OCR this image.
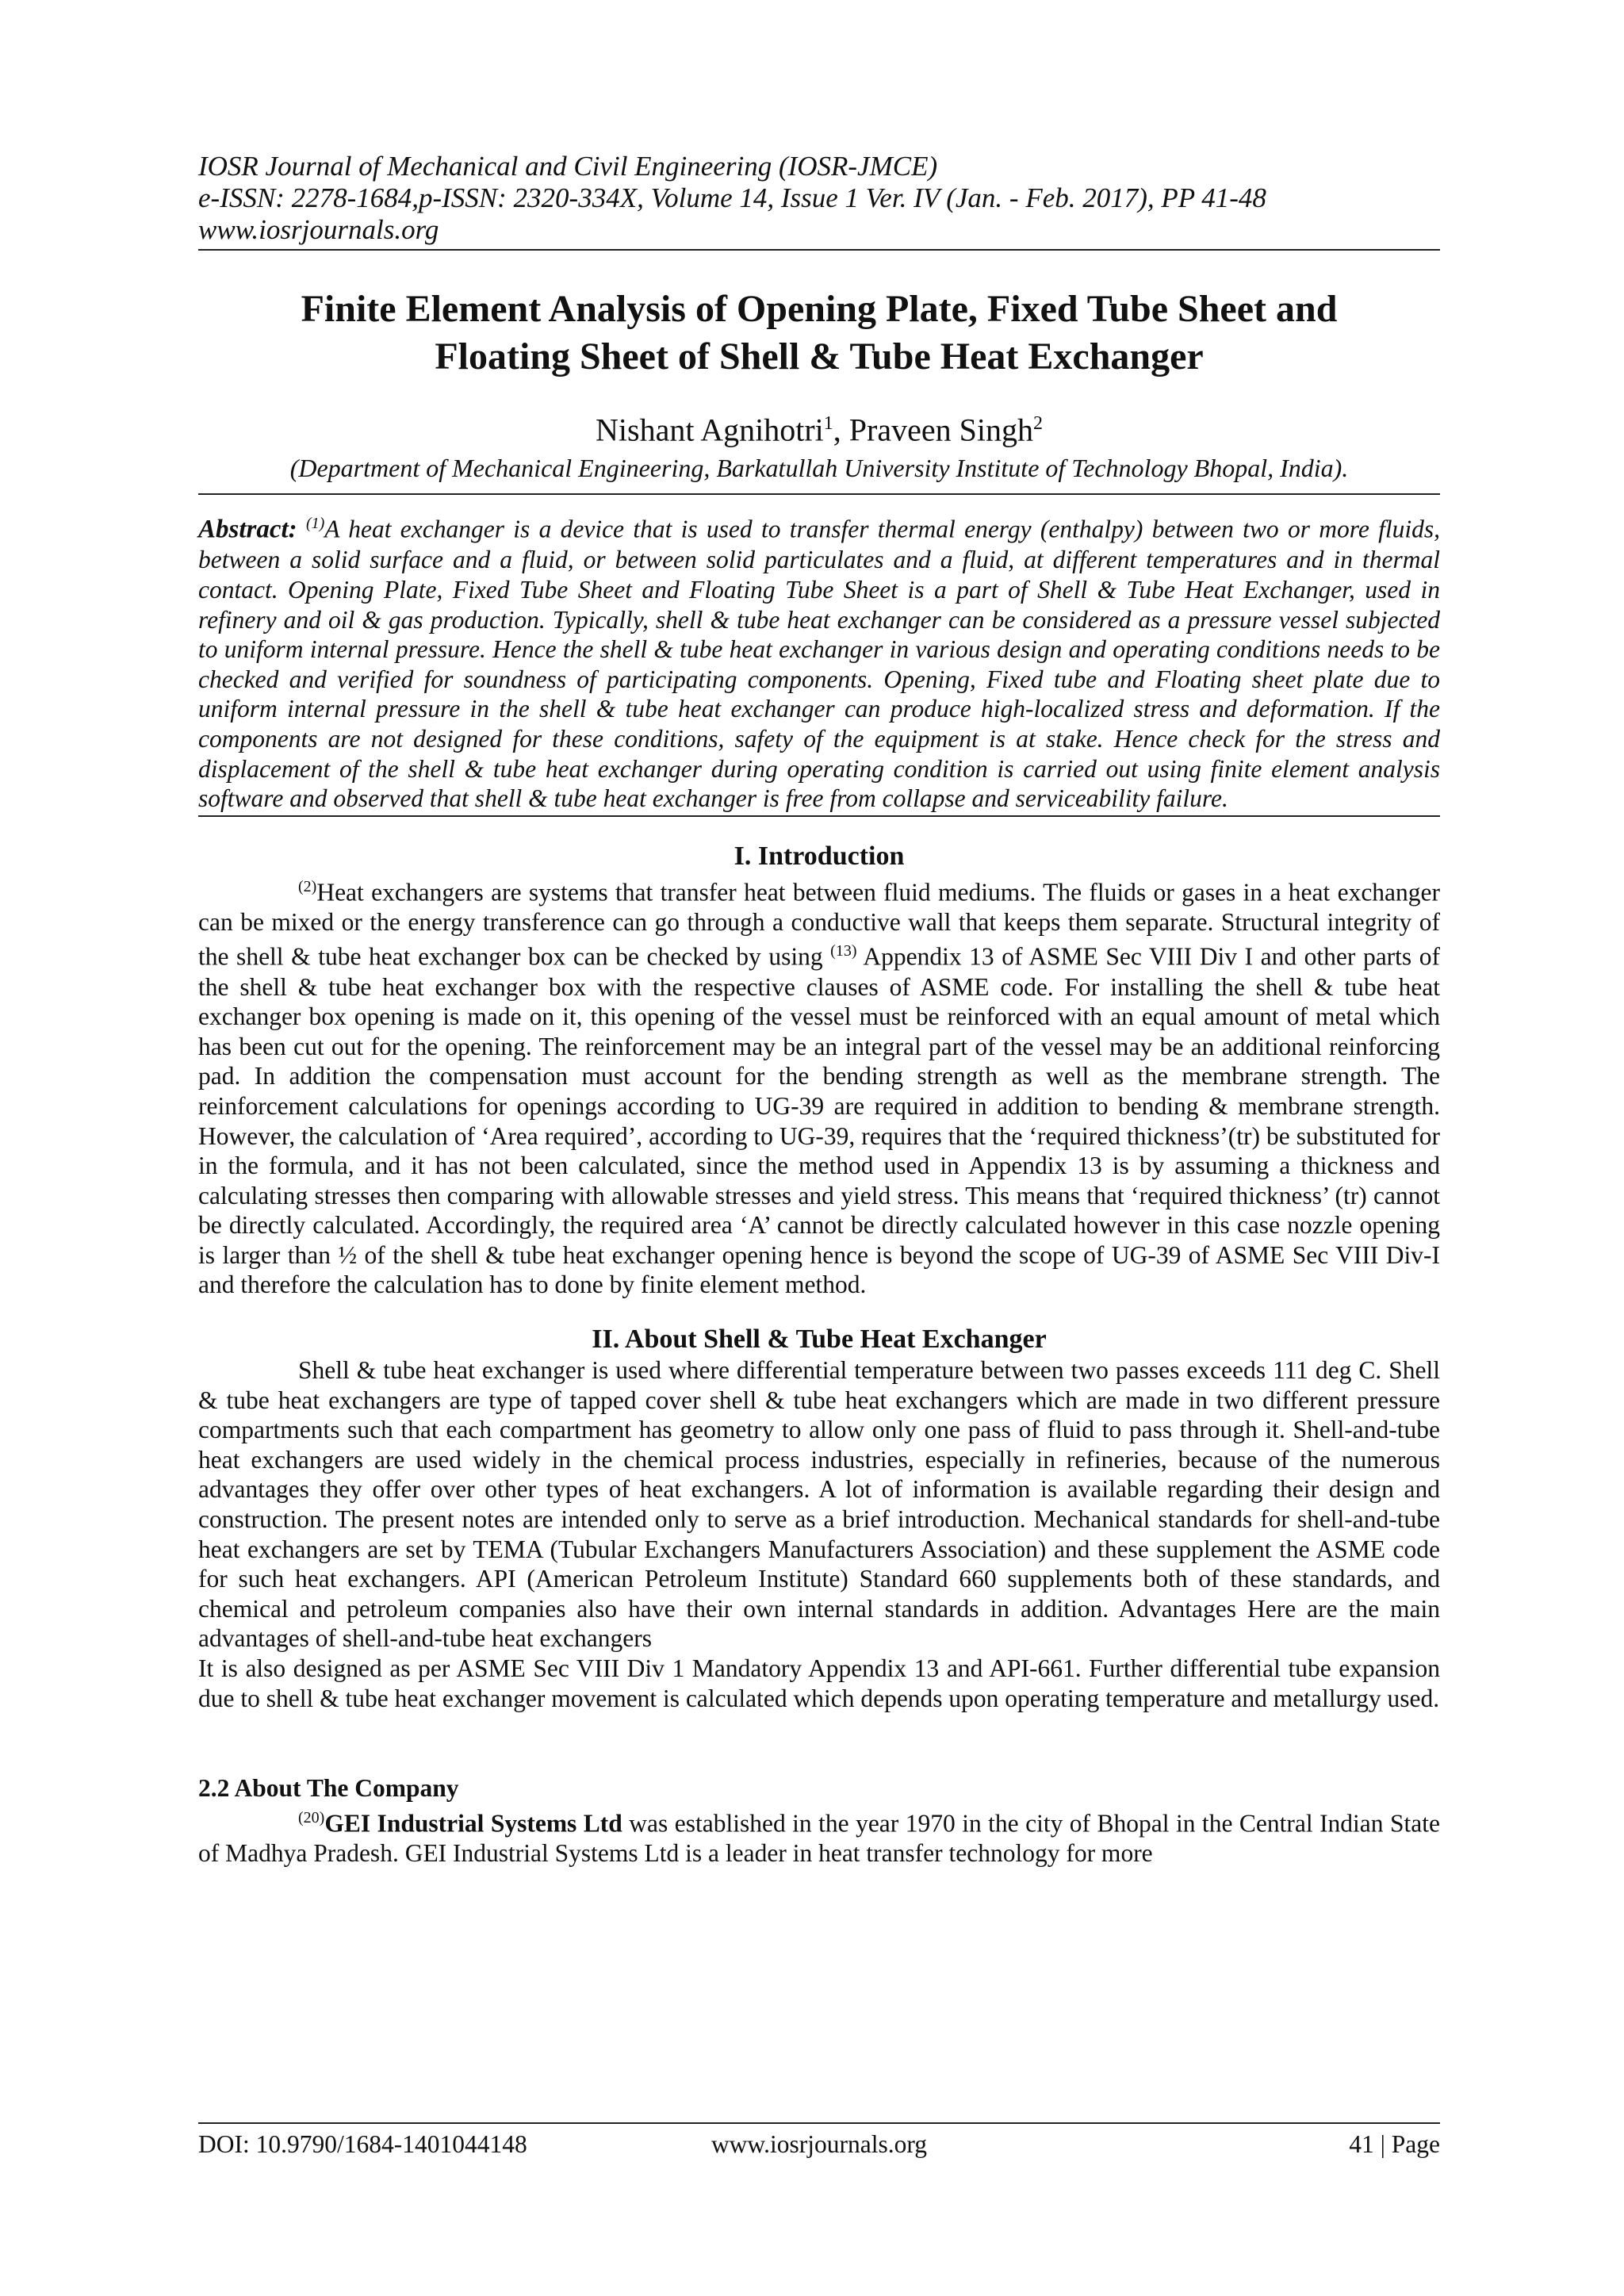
IOSR Journal of Mechanical and Civil Engineering (IOSR-JMCE)

e-ISSN: 2278-1684,p-ISSN: 2320-334X, Volume 14, Issue 1 Ver. IV (Jan. - Feb. 2017), PP 41-48

www.iosrjournals.org

Finite Element Analysis of Opening Plate, Fixed Tube Sheet and
Floating Sheet of Shell & Tube Heat Exchanger

Nishant Agnihotri$^1$, Praveen Singh$^2$

(Department of Mechanical Engineering, Barkatullah University Institute of Technology Bhopal, India).

Abstract: $^{(1)}$A heat exchanger is a device that is used to transfer thermal energy (enthalpy) between two or more fluids, between a solid surface and a fluid, or between solid particulates and a fluid, at different temperatures and in thermal contact. Opening Plate, Fixed Tube Sheet and Floating Tube Sheet is a part of Shell & Tube Heat Exchanger, used in refinery and oil & gas production. Typically, shell & tube heat exchanger can be considered as a pressure vessel subjected to uniform internal pressure. Hence the shell & tube heat exchanger in various design and operating conditions needs to be checked and verified for soundness of participating components. Opening, Fixed tube and Floating sheet plate due to uniform internal pressure in the shell & tube heat exchanger can produce high-localized stress and deformation. If the components are not designed for these conditions, safety of the equipment is at stake. Hence check for the stress and displacement of the shell & tube heat exchanger during operating condition is carried out using finite element analysis software and observed that shell & tube heat exchanger is free from collapse and serviceability failure.

I. Introduction

$^{(2)}$Heat exchangers are systems that transfer heat between fluid mediums. The fluids or gases in a heat exchanger can be mixed or the energy transference can go through a conductive wall that keeps them separate. Structural integrity of the shell & tube heat exchanger box can be checked by using $^{(13)}$ Appendix 13 of ASME Sec VIII Div I and other parts of the shell & tube heat exchanger box with the respective clauses of ASME code. For installing the shell & tube heat exchanger box opening is made on it, this opening of the vessel must be reinforced with an equal amount of metal which has been cut out for the opening. The reinforcement may be an integral part of the vessel may be an additional reinforcing pad. In addition the compensation must account for the bending strength as well as the membrane strength. The reinforcement calculations for openings according to UG-39 are required in addition to bending & membrane strength. However, the calculation of ‘Area required’, according to UG-39, requires that the ‘required thickness’(tr) be substituted for in the formula, and it has not been calculated, since the method used in Appendix 13 is by assuming a thickness and calculating stresses then comparing with allowable stresses and yield stress. This means that ‘required thickness’ (tr) cannot be directly calculated. Accordingly, the required area ‘A’ cannot be directly calculated however in this case nozzle opening is larger than ½ of the shell & tube heat exchanger opening hence is beyond the scope of UG-39 of ASME Sec VIII Div-I and therefore the calculation has to done by finite element method.

II. About Shell & Tube Heat Exchanger

Shell & tube heat exchanger is used where differential temperature between two passes exceeds 111 deg C. Shell & tube heat exchangers are type of tapped cover shell & tube heat exchangers which are made in two different pressure compartments such that each compartment has geometry to allow only one pass of fluid to pass through it. Shell-and-tube heat exchangers are used widely in the chemical process industries, especially in refineries, because of the numerous advantages they offer over other types of heat exchangers. A lot of information is available regarding their design and construction. The present notes are intended only to serve as a brief introduction. Mechanical standards for shell-and-tube heat exchangers are set by TEMA (Tubular Exchangers Manufacturers Association) and these supplement the ASME code for such heat exchangers. API (American Petroleum Institute) Standard 660 supplements both of these standards, and chemical and petroleum companies also have their own internal standards in addition. Advantages Here are the main advantages of shell-and-tube heat exchangers

It is also designed as per ASME Sec VIII Div 1 Mandatory Appendix 13 and API-661. Further differential tube expansion due to shell & tube heat exchanger movement is calculated which depends upon operating temperature and metallurgy used.

2.2 About The Company

$^{(20)}$GEI Industrial Systems Ltd was established in the year 1970 in the city of Bhopal in the Central Indian State of Madhya Pradesh. GEI Industrial Systems Ltd is a leader in heat transfer technology for more

DOI: 10.9790/1684-1401044148	www.iosrjournals.org	41 | Page
